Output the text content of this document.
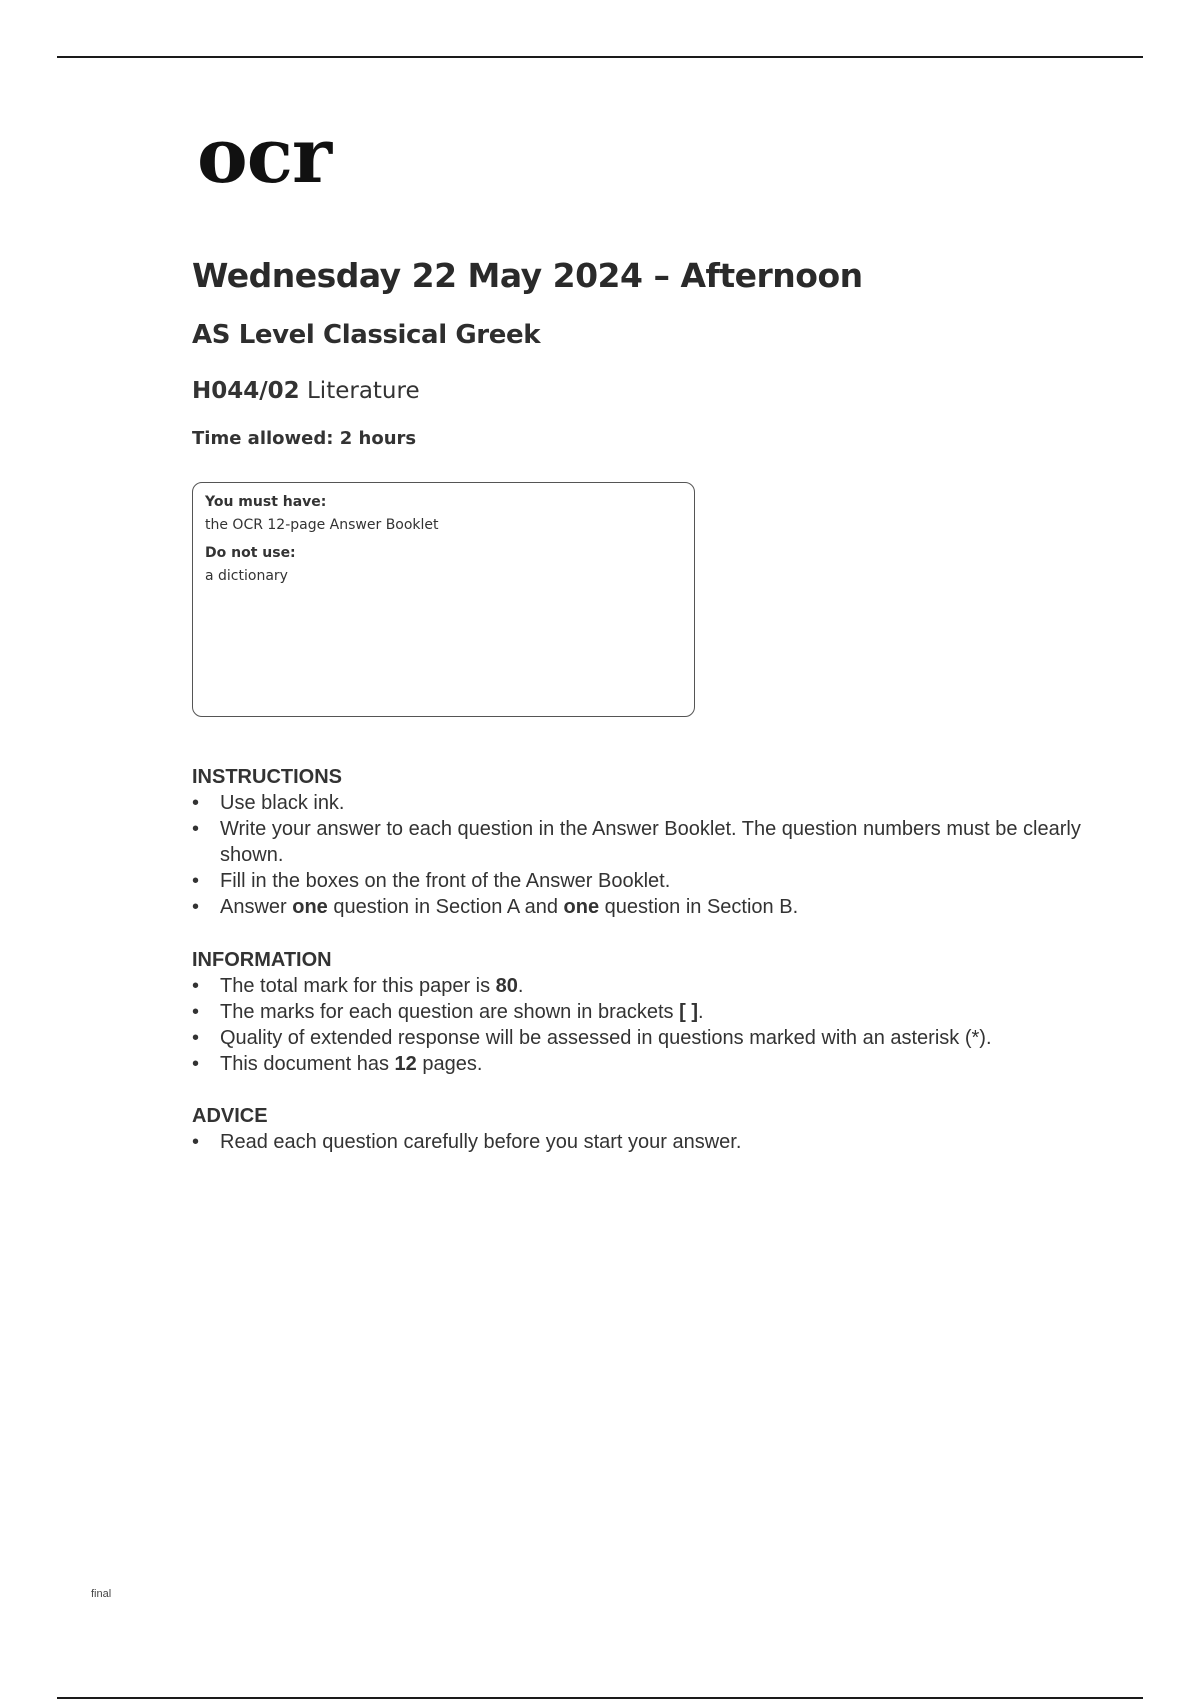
ocr
Wednesday 22 May 2024 – Afternoon
AS Level Classical Greek
H044/02 Literature
Time allowed: 2 hours
You must have:
the OCR 12-page Answer Booklet
Do not use:
a dictionary
INSTRUCTIONS
• Use black ink.
• Write your answer to each question in the Answer Booklet. The question numbers must be clearly shown.
• Fill in the boxes on the front of the Answer Booklet.
• Answer one question in Section A and one question in Section B.
INFORMATION
• The total mark for this paper is 80.
• The marks for each question are shown in brackets [ ].
• Quality of extended response will be assessed in questions marked with an asterisk (*).
• This document has 12 pages.
ADVICE
• Read each question carefully before you start your answer.
final
